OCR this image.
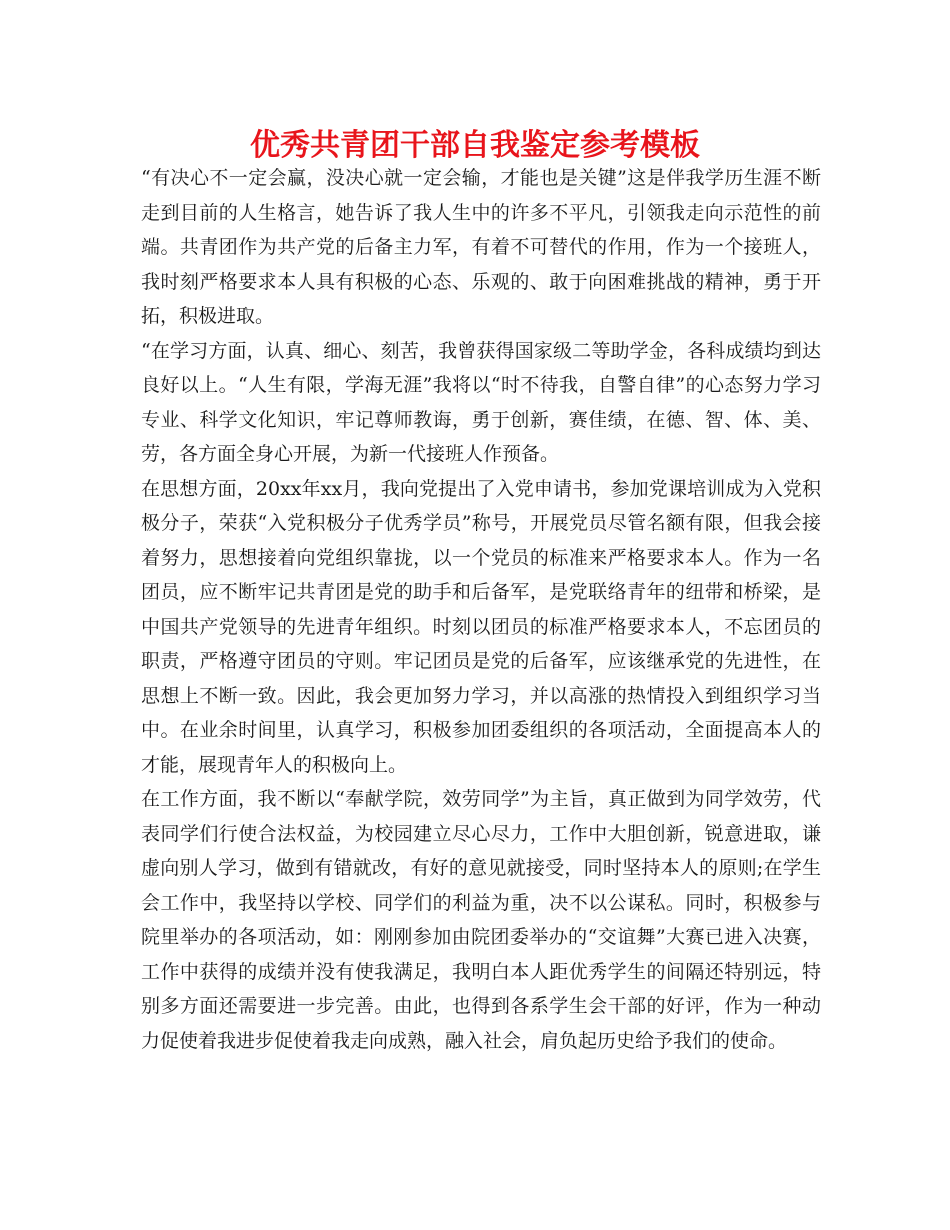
优秀共青团干部自我鉴定参考模板

“有决心不一定会赢，没决心就一定会输，才能也是关键”这是伴我学历生涯不断走到目前的人生格言，她告诉了我人生中的许多不平凡，引领我走向示范性的前端。共青团作为共产党的后备主力军，有着不可替代的作用，作为一个接班人，我时刻严格要求本人具有积极的心态、乐观的、敢于向困难挑战的精神，勇于开拓，积极进取。

“在学习方面，认真、细心、刻苦，我曾获得国家级二等助学金，各科成绩均到达良好以上。“人生有限，学海无涯”我将以“时不待我，自警自律”的心态努力学习专业、科学文化知识，牢记尊师教诲，勇于创新，赛佳绩，在德、智、体、美、劳，各方面全身心开展，为新一代接班人作预备。

在思想方面，20xx年xx月，我向党提出了入党申请书，参加党课培训成为入党积极分子，荣获“入党积极分子优秀学员”称号，开展党员尽管名额有限，但我会接着努力，思想接着向党组织靠拢，以一个党员的标准来严格要求本人。作为一名团员，应不断牢记共青团是党的助手和后备军，是党联络青年的纽带和桥梁，是中国共产党领导的先进青年组织。时刻以团员的标准严格要求本人，不忘团员的职责，严格遵守团员的守则。牢记团员是党的后备军，应该继承党的先进性，在思想上不断一致。因此，我会更加努力学习，并以高涨的热情投入到组织学习当中。在业余时间里，认真学习，积极参加团委组织的各项活动，全面提高本人的才能，展现青年人的积极向上。

在工作方面，我不断以“奉献学院，效劳同学”为主旨，真正做到为同学效劳，代表同学们行使合法权益，为校园建立尽心尽力，工作中大胆创新，锐意进取，谦虚向别人学习，做到有错就改，有好的意见就接受，同时坚持本人的原则;在学生会工作中，我坚持以学校、同学们的利益为重，决不以公谋私。同时，积极参与院里举办的各项活动，如：刚刚参加由院团委举办的“交谊舞”大赛已进入决赛，工作中获得的成绩并没有使我满足，我明白本人距优秀学生的间隔还特别远，特别多方面还需要进一步完善。由此，也得到各系学生会干部的好评，作为一种动力促使着我进步促使着我走向成熟，融入社会，肩负起历史给予我们的使命。
